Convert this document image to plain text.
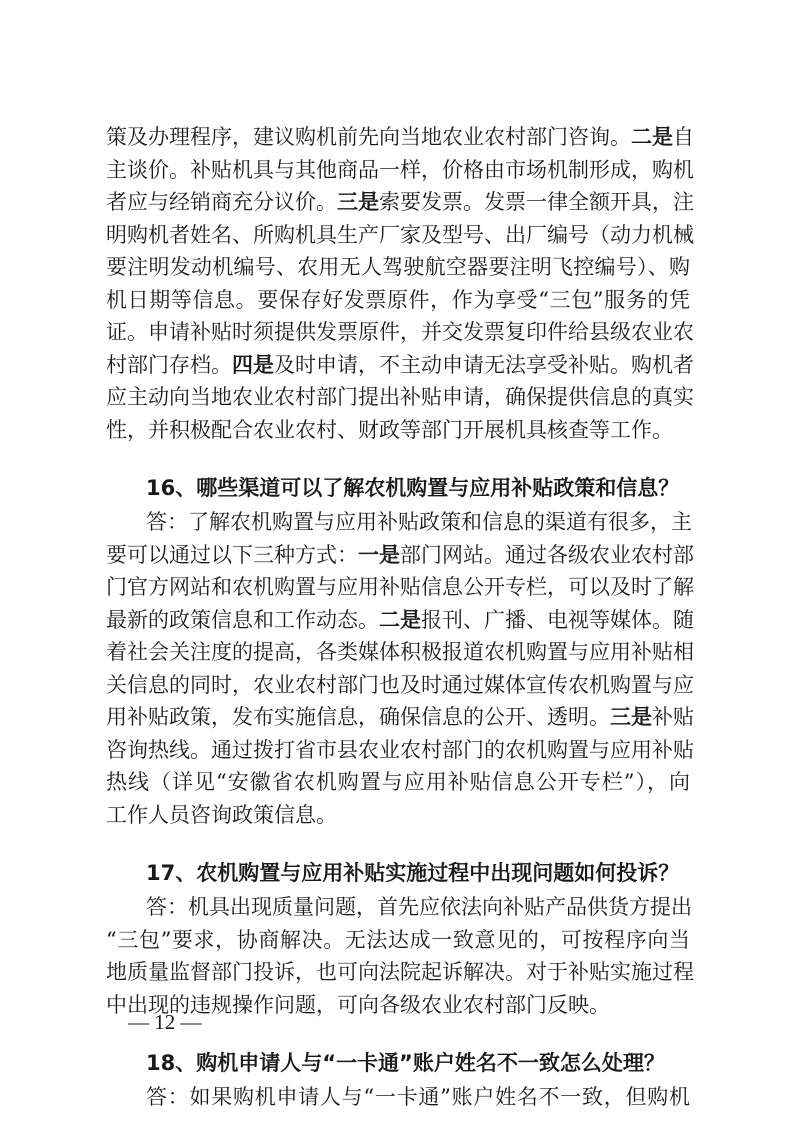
策及办理程序，建议购机前先向当地农业农村部门咨询。二是自
主谈价。补贴机具与其他商品一样，价格由市场机制形成，购机
者应与经销商充分议价。三是索要发票。发票一律全额开具，注
明购机者姓名、所购机具生产厂家及型号、出厂编号（动力机械
要注明发动机编号、农用无人驾驶航空器要注明飞控编号）、购
机日期等信息。要保存好发票原件，作为享受“三包”服务的凭
证。申请补贴时须提供发票原件，并交发票复印件给县级农业农
村部门存档。四是及时申请，不主动申请无法享受补贴。购机者
应主动向当地农业农村部门提出补贴申请，确保提供信息的真实
性，并积极配合农业农村、财政等部门开展机具核查等工作。
16、哪些渠道可以了解农机购置与应用补贴政策和信息？
答：了解农机购置与应用补贴政策和信息的渠道有很多，主
要可以通过以下三种方式：一是部门网站。通过各级农业农村部
门官方网站和农机购置与应用补贴信息公开专栏，可以及时了解
最新的政策信息和工作动态。二是报刊、广播、电视等媒体。随
着社会关注度的提高，各类媒体积极报道农机购置与应用补贴相
关信息的同时，农业农村部门也及时通过媒体宣传农机购置与应
用补贴政策，发布实施信息，确保信息的公开、透明。三是补贴
咨询热线。通过拨打省市县农业农村部门的农机购置与应用补贴
热线（详见“安徽省农机购置与应用补贴信息公开专栏”），向
工作人员咨询政策信息。
17、农机购置与应用补贴实施过程中出现问题如何投诉？
答：机具出现质量问题，首先应依法向补贴产品供货方提出
“三包”要求，协商解决。无法达成一致意见的，可按程序向当
地质量监督部门投诉，也可向法院起诉解决。对于补贴实施过程
中出现的违规操作问题，可向各级农业农村部门反映。
18、购机申请人与“一卡通”账户姓名不一致怎么处理？
答：如果购机申请人与“一卡通”账户姓名不一致，但购机
— 12 —
